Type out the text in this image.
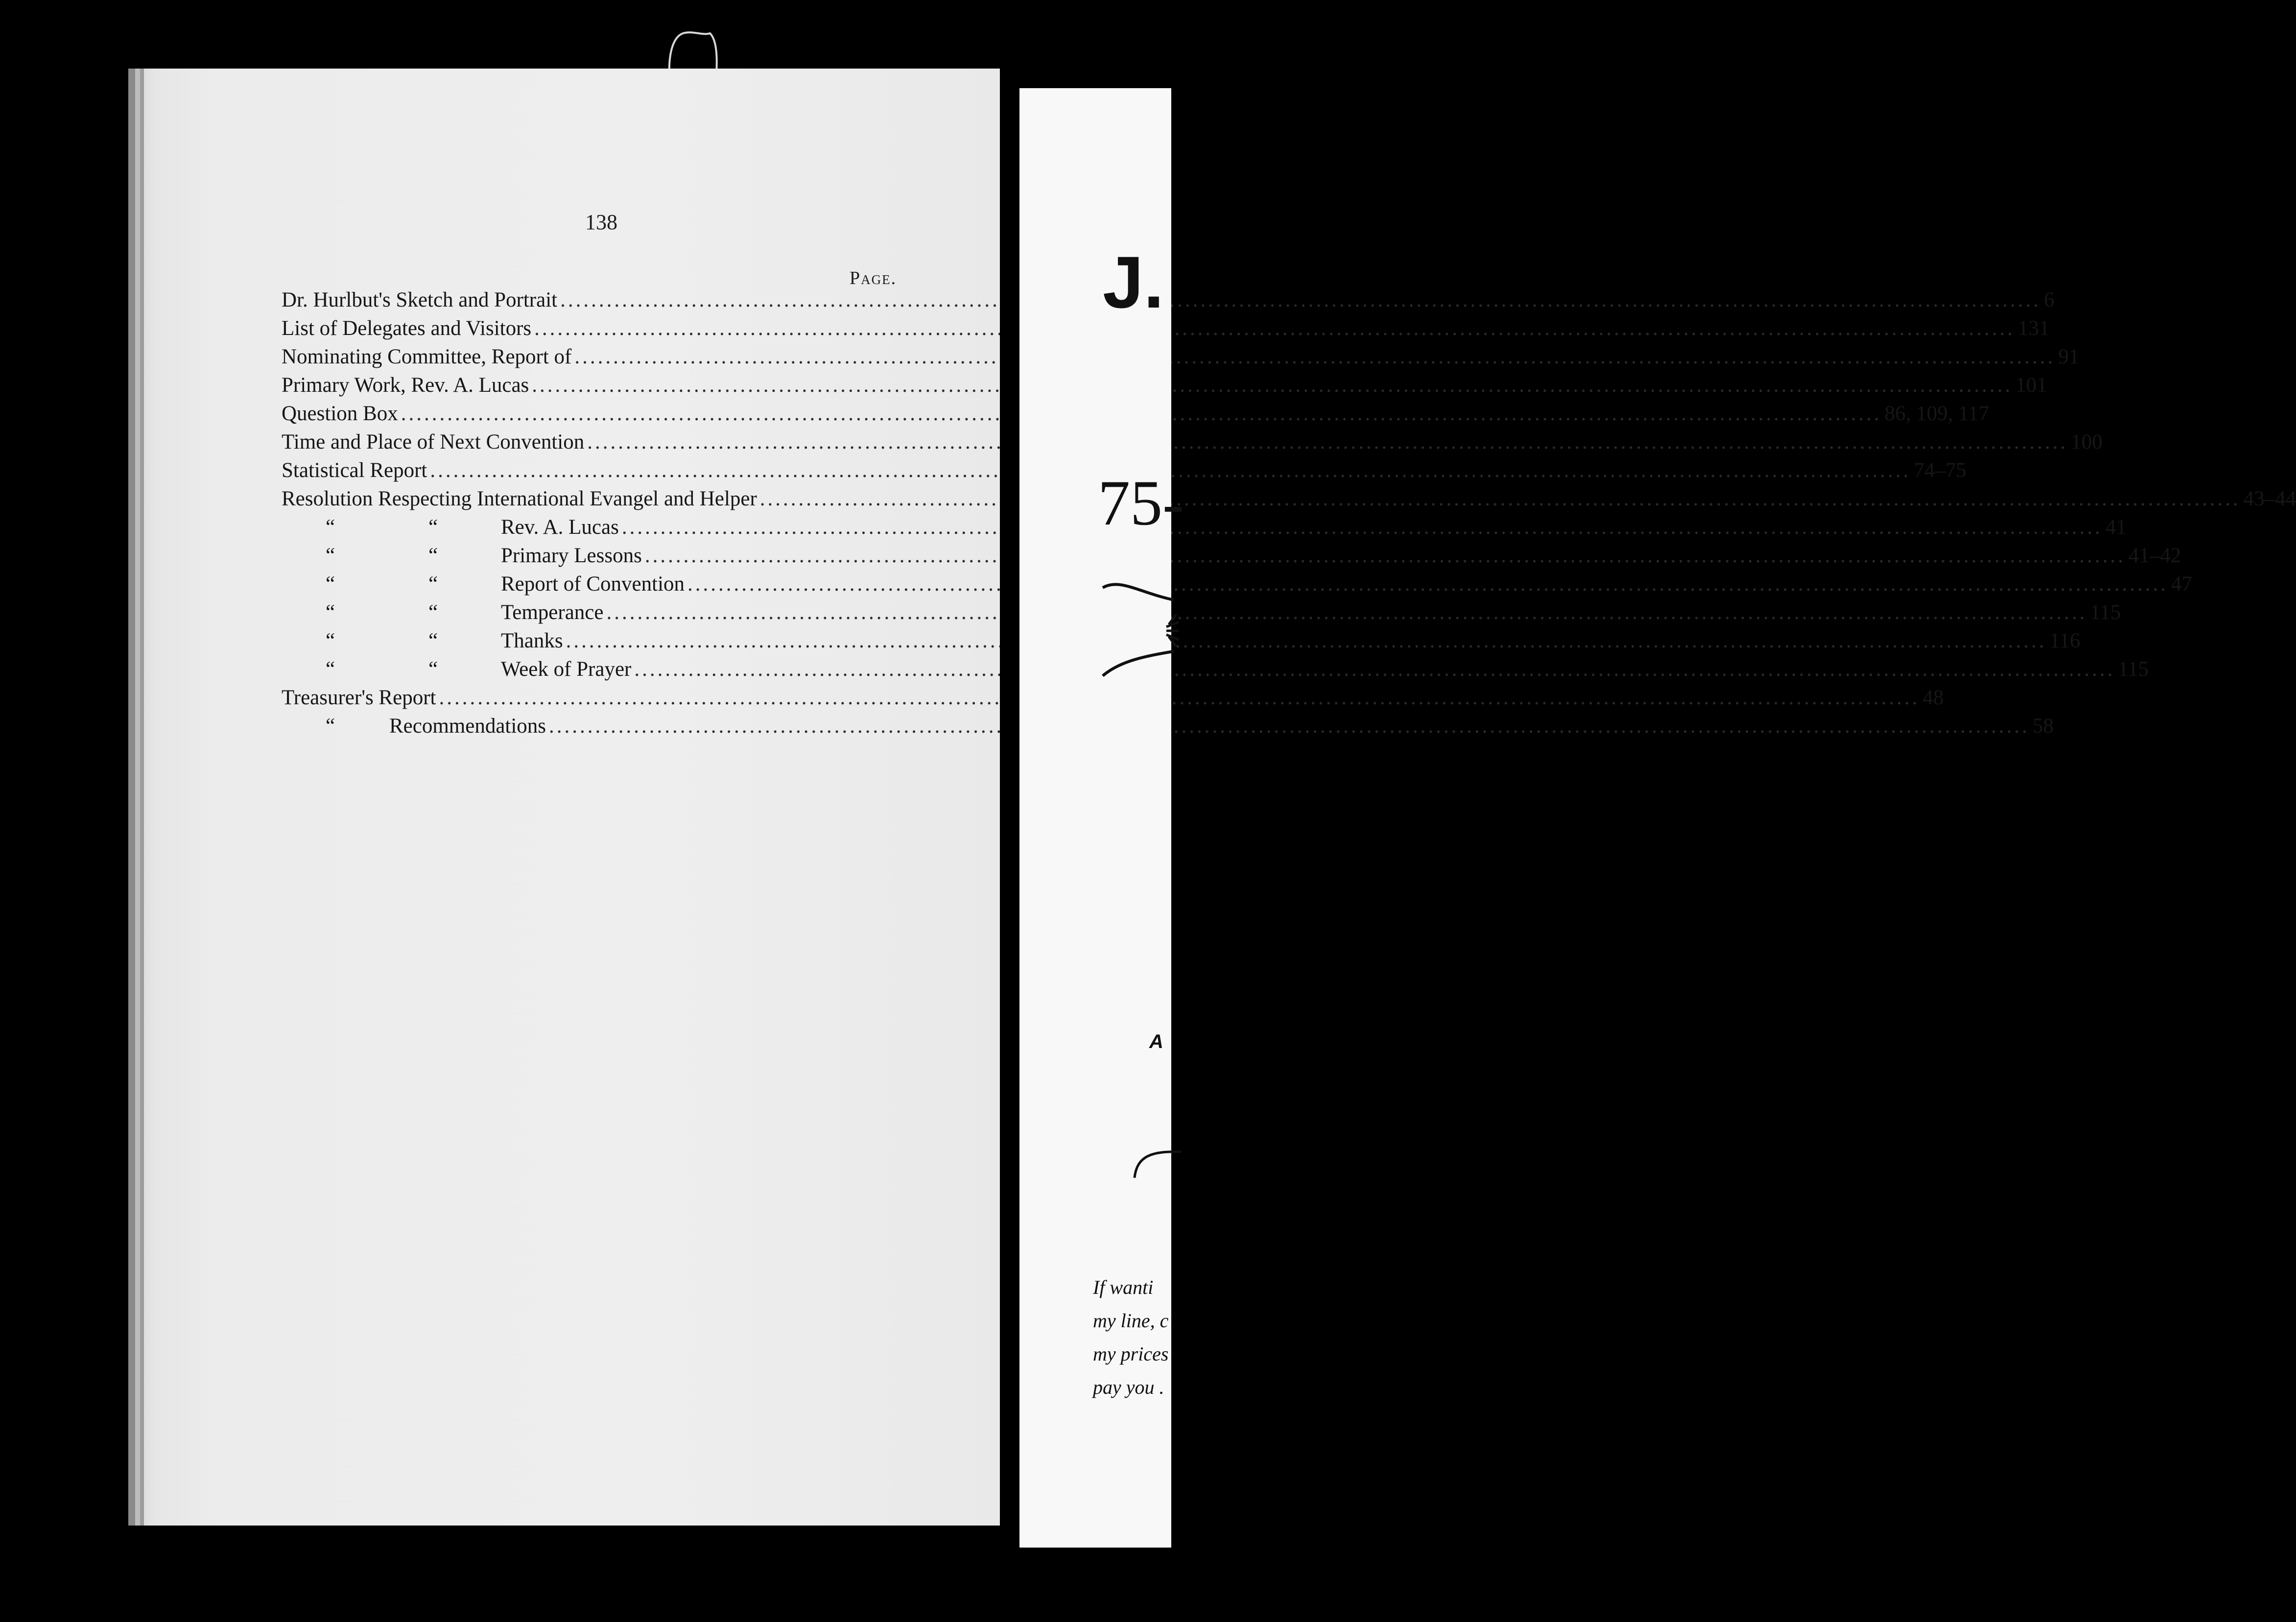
138
Page.
Dr. Hurlbut's Sketch and Portrait .....	6
List of Delegates and Visitors .....	131
Nominating Committee, Report of .....	91
Primary Work, Rev. A. Lucas .....	101
Question Box .....	86, 109, 117
Time and Place of Next Convention .....	100
Statistical Report .....	74–75
Resolution Respecting International Evangel and Helper .....	43–44
“	“	Rev. A. Lucas .....	41
“	“	Primary Lessons .....	41–42
“	“	Report of Convention .....	47
“	“	Temperance .....	115
“	“	Thanks .....	116
“	“	Week of Prayer .....	115
Treasurer's Report .....	48
“	Recommendations .....	58
J.
75-
A
If wanti
my line, c
my prices
pay you .
